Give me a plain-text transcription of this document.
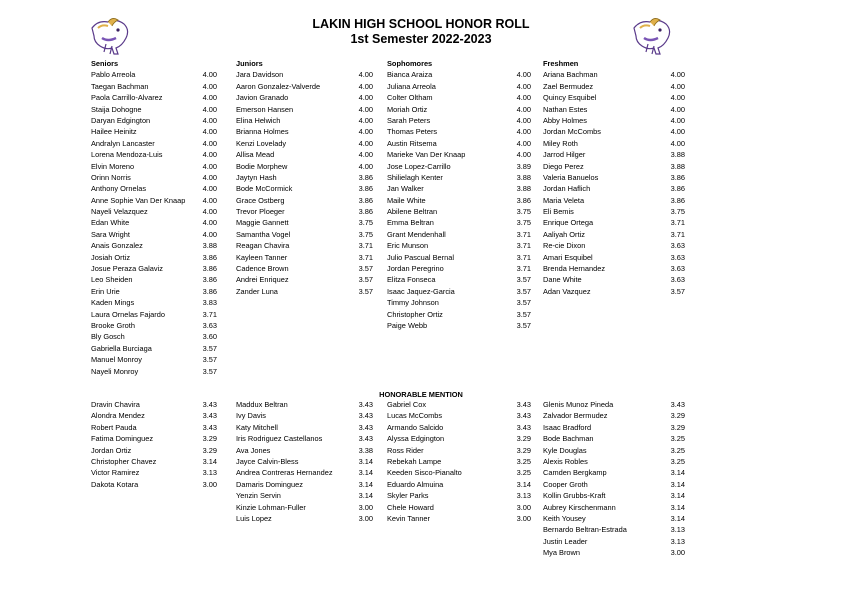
LAKIN HIGH SCHOOL HONOR ROLL
1st Semester 2022-2023
Seniors
Pablo Arreola	4.00
Taegan Bachman	4.00
Paola Carrillo-Alvarez	4.00
Staija Dohogne	4.00
Daryan Edgington	4.00
Hailee Heinitz	4.00
Andralyn Lancaster	4.00
Lorena Mendoza-Luis	4.00
Elvin Moreno	4.00
Orinn Norris	4.00
Anthony Ornelas	4.00
Anne Sophie Van Der Knaap 4.00
Nayeli Velazquez	4.00
Edan White	4.00
Sara Wright	4.00
Anais Gonzalez	3.88
Josiah Ortiz	3.86
Josue Peraza Galaviz	3.86
Leo Sheiden	3.86
Erin Urie	3.86
Kaden Mings	3.83
Laura Ornelas Fajardo	3.71
Brooke Groth	3.63
Bly Gosch	3.60
Gabriella Burciaga	3.57
Manuel Monroy	3.57
Nayeli Monroy	3.57
Juniors
Jara Davidson	4.00
Aaron Gonzalez-Valverde	4.00
Javion Granado	4.00
Emerson Hansen	4.00
Elina Helwich	4.00
Brianna Holmes	4.00
Kenzi Lovelady	4.00
Allisa Mead	4.00
Bodie Morphew	4.00
Jaytyn Hash	3.86
Bode McCormick	3.86
Grace Ostberg	3.86
Trevor Ploeger	3.86
Maggie Gannett	3.75
Samantha Vogel	3.75
Reagan Chavira	3.71
Kayleen Tanner	3.71
Cadence Brown	3.57
Andrei Enriquez	3.57
Zander Luna	3.57
Sophomores
Bianca Araiza	4.00
Juliana Arreola	4.00
Colter Oltham	4.00
Moriah Ortiz	4.00
Sarah Peters	4.00
Thomas Peters	4.00
Austin Ritsema	4.00
Marieke Van Der Knaap	4.00
Jose Lopez-Carrillo	3.89
Shilielagh Kenter	3.88
Jan Walker	3.88
Maile White	3.86
Abilene Beltran	3.75
Emma Beltran	3.75
Grant Mendenhall	3.71
Eric Munson	3.71
Julio Pascual Bernal	3.71
Jordan Peregrino	3.71
Elitza Fonseca	3.57
Isaac Jaquez-Garcia	3.57
Timmy Johnson	3.57
Christopher Ortiz	3.57
Paige Webb	3.57
Freshmen
Ariana Bachman	4.00
Zael Bermudez	4.00
Quincy Esquibel	4.00
Nathan Estes	4.00
Abby Holmes	4.00
Jordan McCombs	4.00
Miley Roth	4.00
Jarrod Hilger	3.88
Diego Perez	3.88
Valeria Banuelos	3.86
Jordan Haflich	3.86
Maria Veleta	3.86
Eli Bemis	3.75
Enrique Ortega	3.71
Aaliyah Ortiz	3.71
Re-cie Dixon	3.63
Amari Esquibel	3.63
Brenda Hernandez	3.63
Dane White	3.63
Adan Vazquez	3.57
HONORABLE MENTION
Dravin Chavira	3.43
Alondra Mendez	3.43
Robert Pauda	3.43
Fatima Dominguez	3.29
Jordan Ortiz	3.29
Christopher Chavez	3.14
Victor Ramirez	3.13
Dakota Kotara	3.00
Maddux Beltran	3.43
Ivy Davis	3.43
Katy Mitchell	3.43
Iris Rodriguez Castellanos	3.43
Ava Jones	3.38
Jayce Calvin-Bless	3.14
Andrea Contreras Hernandez	3.14
Damaris Dominguez	3.14
Yenzin Servin	3.14
Kinzie Lohman-Fuller	3.00
Luis Lopez	3.00
Gabriel Cox	3.43
Lucas McCombs	3.43
Armando Salcido	3.43
Alyssa Edgington	3.29
Ross Rider	3.29
Rebekah Lampe	3.25
Keeden Sisco-Pianalto	3.25
Eduardo Almuina	3.14
Skyler Parks	3.13
Chele Howard	3.00
Kevin Tanner	3.00
Glenis Munoz Pineda	3.43
Zalvador Bermudez	3.29
Isaac Bradford	3.29
Bode Bachman	3.25
Kyle Douglas	3.25
Alexis Robles	3.25
Camden Bergkamp	3.14
Cooper Groth	3.14
Kollin Grubbs-Kraft	3.14
Aubrey Kirschenmann	3.14
Keith Yousey	3.14
Bernardo Beltran-Estrada	3.13
Justin Leader	3.13
Mya Brown	3.00
